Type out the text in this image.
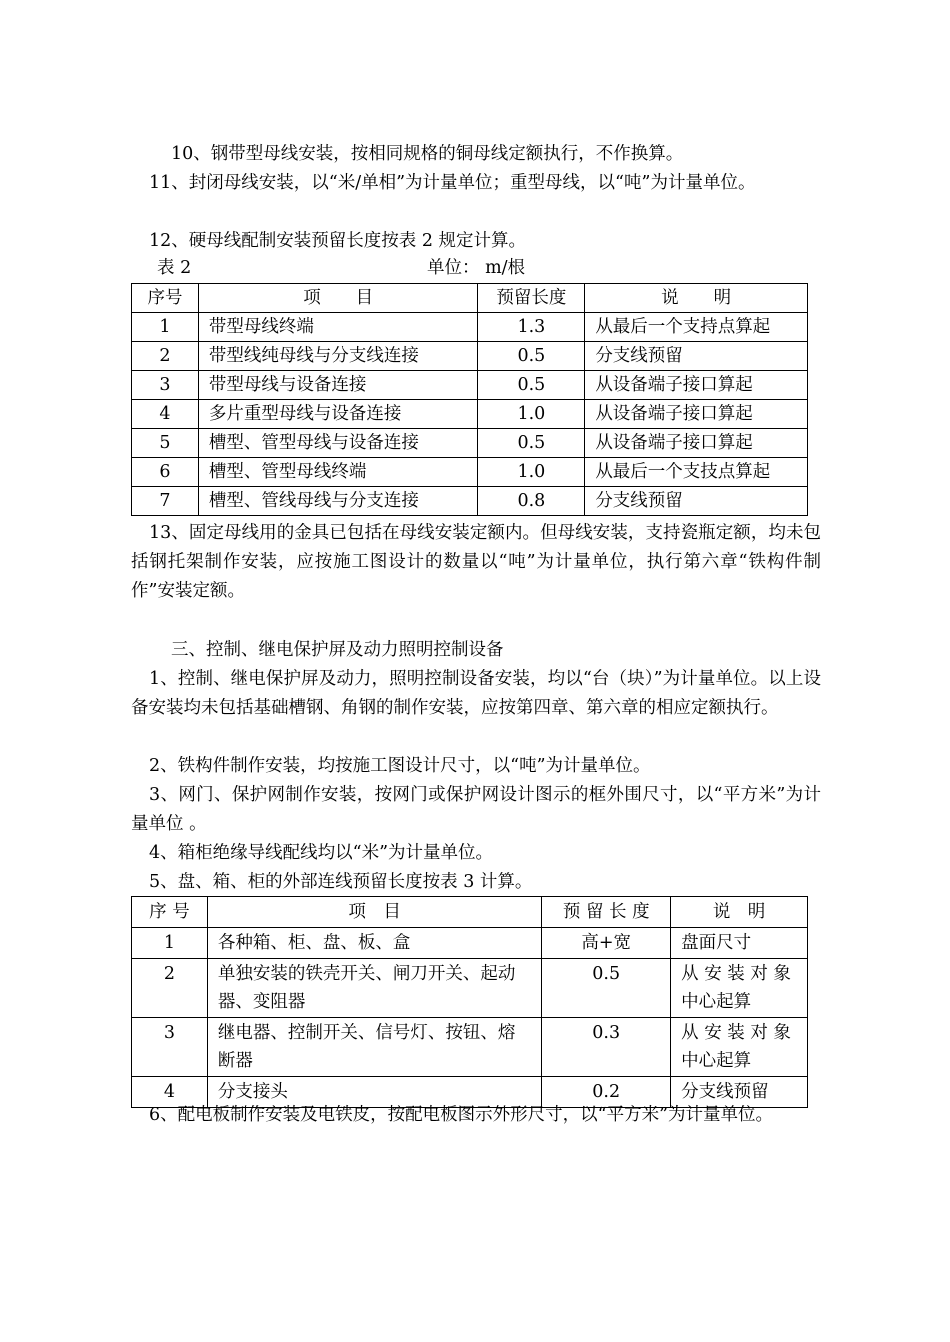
10、钢带型母线安装，按相同规格的铜母线定额执行，不作换算。

11、封闭母线安装，以“米/单相”为计量单位；重型母线，以“吨”为计量单位。

12、硬母线配制安装预留长度按表 2 规定计算。

表 2	单位： m/根
序号	项　　目	预留长度	说　　明
1	带型母线终端	1.3	从最后一个支持点算起
2	带型线纯母线与分支线连接	0.5	分支线预留
3	带型母线与设备连接	0.5	从设备端子接口算起
4	多片重型母线与设备连接	1.0	从设备端子接口算起
5	槽型、管型母线与设备连接	0.5	从设备端子接口算起
6	槽型、管型母线终端	1.0	从最后一个支技点算起
7	槽型、管线母线与分支连接	0.8	分支线预留

13、固定母线用的金具已包括在母线安装定额内。但母线安装，支持瓷瓶定额，均未包括钢托架制作安装，应按施工图设计的数量以“吨”为计量单位，执行第六章“铁构件制作”安装定额。

三、控制、继电保护屏及动力照明控制设备

1、控制、继电保护屏及动力，照明控制设备安装，均以“台（块）”为计量单位。以上设备安装均未包括基础槽钢、角钢的制作安装，应按第四章、第六章的相应定额执行。

2、铁构件制作安装，均按施工图设计尺寸，以“吨”为计量单位。

3、网门、保护网制作安装，按网门或保护网设计图示的框外围尺寸，以“平方米”为计量单位 。

4、箱柜绝缘导线配线均以“米”为计量单位。

5、盘、箱、柜的外部连线预留长度按表 3 计算。

序 号	项　目	预 留 长 度	说　明
1	各种箱、柜、盘、板、盒	高+宽	盘面尺寸
2	单独安装的铁壳开关、闸刀开关、起动器、变阻器	0.5	从 安 装 对 象 中心起算
3	继电器、控制开关、信号灯、按钮、熔断器	0.3	从 安 装 对 象 中心起算
4	分支接头	0.2	分支线预留

6、配电板制作安装及电铁皮，按配电板图示外形尺寸，以“平方米”为计量单位。
